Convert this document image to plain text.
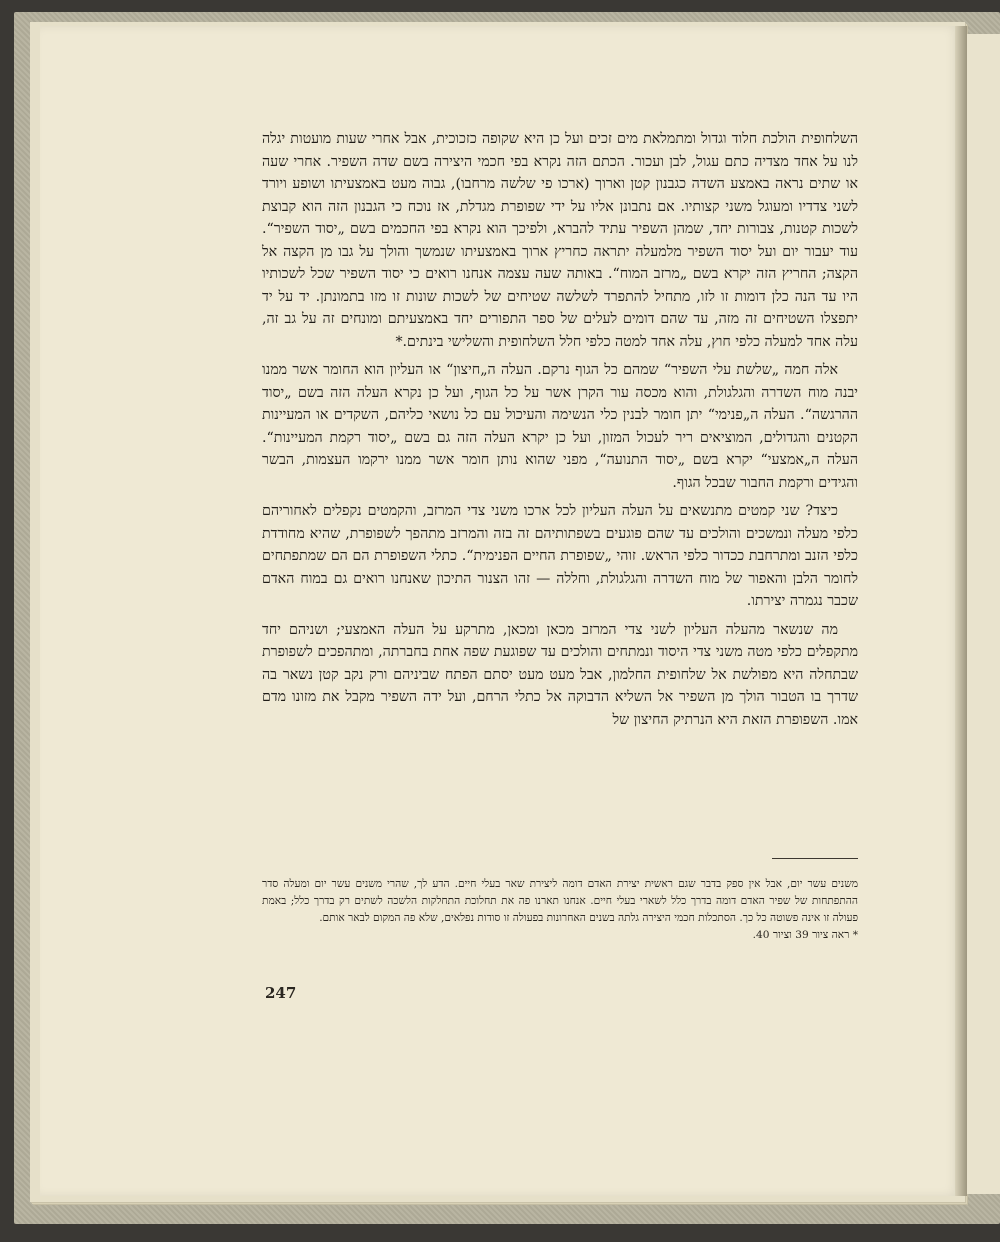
השלחופית הולכת חלוד וגדול ומתמלאת מים זכים ועל כן היא שקופה כזכוכית, אבל אחרי שעות מועטות יגלה לנו על אחד מצדיה כתם עגול, לבן ועכור. הכתם הזה נקרא בפי חכמי היצירה בשם שדה השפיר. אחרי שעה או שתים נראה באמצע השדה כגבנון קטן וארוך (ארכו פי שלשה מרחבו), גבוה מעט באמצעיתו ושופע ויורד לשני צדדיו ומעוגל משני קצותיו. אם נתבונן אליו על ידי שפופרת מגדלת, אז נוכח כי הגבנון הזה הוא קבוצת לשכות קטנות, צבורות יחד, שמהן השפיר עתיד להברא, ולפיכך הוא נקרא בפי החכמים בשם „יסוד השפיר“. עוד יעבור יום ועל יסוד השפיר מלמעלה יתראה כחריץ ארוך באמצעיתו שנמשך והולך על גבו מן הקצה אל הקצה; החריץ הזה יקרא בשם „מרזב המוח“. באותה שעה עצמה אנחנו רואים כי יסוד השפיר שכל לשכותיו היו עד הנה כלן דומות זו לזו, מתחיל להתפרד לשלשה שטיחים של לשכות שונות זו מזו בתמונתן. יד על יד יתפצלו השטיחים זה מזה, עד שהם דומים לעלים של ספר התפורים יחד באמצעיתם ומונחים זה על גב זה, עלה אחד למעלה כלפי חוץ, עלה אחד למטה כלפי חלל השלחופית והשלישי בינתים.*

אלה חמה „שלשת עלי השפיר“ שמהם כל הגוף נרקם. העלה ה„חיצון“ או העליון הוא החומר אשר ממנו יבנה מוח השדרה והגלגולת, והוא מכסה עור הקרן אשר על כל הגוף, ועל כן נקרא העלה הזה בשם „יסוד ההרגשה“. העלה ה„פנימי“ יתן חומר לבנין כלי הנשימה והעיכול עם כל נושאי כליהם, השקדים או המעיינות הקטנים והגדולים, המוציאים ריר לעכול המזון, ועל כן יקרא העלה הזה גם בשם „יסוד רקמת המעיינות“. העלה ה„אמצעי“ יקרא בשם „יסוד התנועה“, מפני שהוא נותן חומר אשר ממנו ירקמו העצמות, הבשר והגידים ורקמת החבור שבכל הגוף.

כיצד? שני קמטים מתנשאים על העלה העליון לכל ארכו משני צדי המרזב, והקמטים נקפלים לאחוריהם כלפי מעלה ונמשכים והולכים עד שהם פוגעים בשפתותיהם זה בזה והמרזב מתהפך לשפופרת, שהיא מחודדת כלפי הזנב ומתרחבת ככדור כלפי הראש. זוהי „שפופרת החיים הפנימית“. כתלי השפופרת הם הם שמתפתחים לחומר הלבן והאפור של מוח השדרה והגלגולת, וחללה — זהו הצנור התיכון שאנחנו רואים גם במוח האדם שכבר נגמרה יצירתו.

מה שנשאר מהעלה העליון לשני צדי המרזב מכאן ומכאן, מתרקע על העלה האמצעי; ושניהם יחד מתקפלים כלפי מטה משני צדי היסוד ונמתחים והולכים עד שפוגעת שפה אחת בחברתה, ומתהפכים לשפופרת שבתחלה היא מפולשת אל שלחופית החלמון, אבל מעט מעט יסתם הפתח שביניהם ורק נקב קטן נשאר בה שדרך בו הטבור הולך מן השפיר אל השליא הדבוקה אל כתלי הרחם, ועל ידה השפיר מקבל את מזונו מדם אמו. השפופרת הזאת היא הנרתיק החיצון של

משנים עשר יום, אבל אין ספק בדבר שגם ראשית יצירת האדם דומה ליצירת שאר בעלי חיים. הדע לך, שהרי משנים עשר יום ומעלה סדר ההתפתחות של שפיר האדם דומה בדרך כלל לשארי בעלי חיים. אנחנו תארנו פה את תחלוכת התחלקות הלשכה לשתים רק בדרך כלל; באמת פעולה זו אינה פשוטה כל כך. הסתכלות חכמי היצירה גלתה בשנים האחרונות בפעולה זו סודות נפלאים, שלא פה המקום לבאר אותם.

* ראה ציור 39 וציור 40.

247
